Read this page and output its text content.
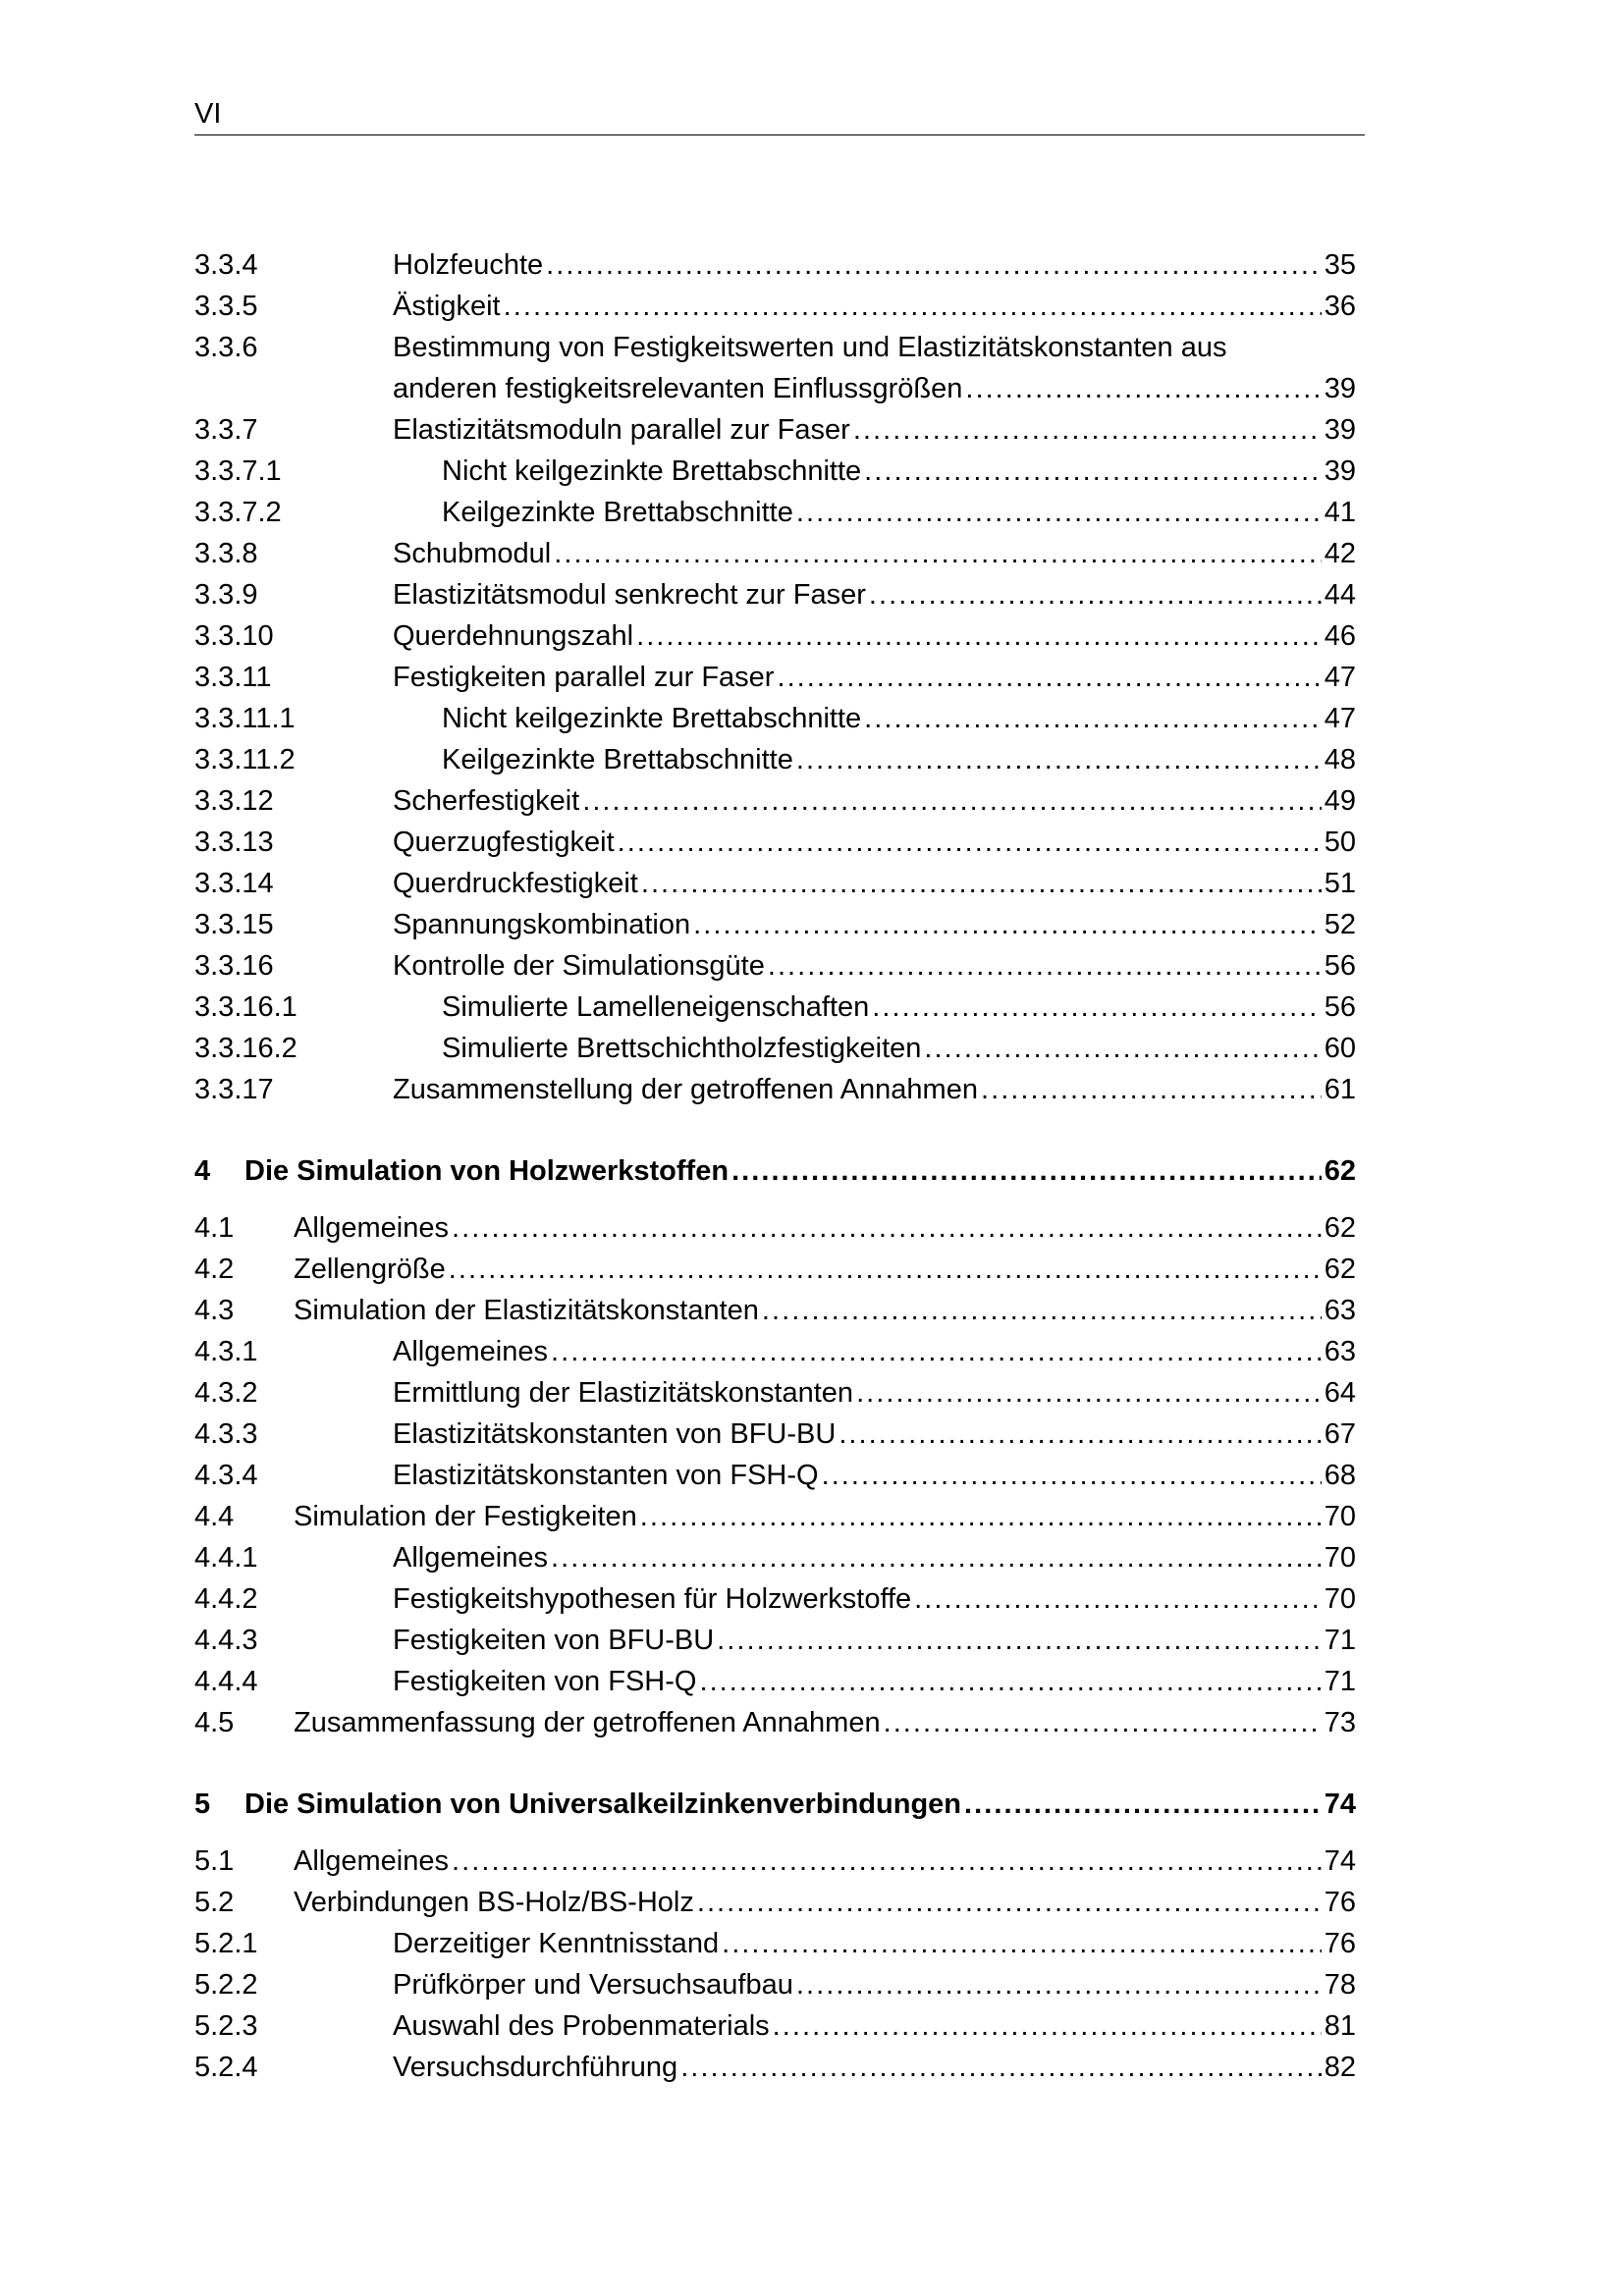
VI
3.3.4	Holzfeuchte . . .	35
3.3.5	Ästigkeit . . .	36
3.3.6	Bestimmung von Festigkeitswerten und Elastizitätskonstanten aus
anderen festigkeitsrelevanten Einflussgrößen . . .	39
3.3.7	Elastizitätsmoduln parallel zur Faser . . .	39
3.3.7.1	Nicht keilgezinkte Brettabschnitte . . .	39
3.3.7.2	Keilgezinkte Brettabschnitte . . .	41
3.3.8	Schubmodul . . .	42
3.3.9	Elastizitätsmodul senkrecht zur Faser . . .	44
3.3.10	Querdehnungszahl . . .	46
3.3.11	Festigkeiten parallel zur Faser . . .	47
3.3.11.1	Nicht keilgezinkte Brettabschnitte . . .	47
3.3.11.2	Keilgezinkte Brettabschnitte . . .	48
3.3.12	Scherfestigkeit . . .	49
3.3.13	Querzugfestigkeit . . .	50
3.3.14	Querdruckfestigkeit . . .	51
3.3.15	Spannungskombination . . .	52
3.3.16	Kontrolle der Simulationsgüte . . .	56
3.3.16.1	Simulierte Lamelleneigenschaften . . .	56
3.3.16.2	Simulierte Brettschichtholzfestigkeiten . . .	60
3.3.17	Zusammenstellung der getroffenen Annahmen . . .	61
4 Die Simulation von Holzwerkstoffen . . .	62
4.1 Allgemeines . . .	62
4.2 Zellengröße . . .	62
4.3 Simulation der Elastizitätskonstanten . . .	63
4.3.1	Allgemeines . . .	63
4.3.2	Ermittlung der Elastizitätskonstanten . . .	64
4.3.3	Elastizitätskonstanten von BFU-BU . . .	67
4.3.4	Elastizitätskonstanten von FSH-Q . . .	68
4.4 Simulation der Festigkeiten . . .	70
4.4.1	Allgemeines . . .	70
4.4.2	Festigkeitshypothesen für Holzwerkstoffe . . .	70
4.4.3	Festigkeiten von BFU-BU . . .	71
4.4.4	Festigkeiten von FSH-Q . . .	71
4.5 Zusammenfassung der getroffenen Annahmen . . .	73
5 Die Simulation von Universalkeilzinkenverbindungen . . .	74
5.1 Allgemeines . . .	74
5.2 Verbindungen BS-Holz/BS-Holz . . .	76
5.2.1	Derzeitiger Kenntnisstand . . .	76
5.2.2	Prüfkörper und Versuchsaufbau . . .	78
5.2.3	Auswahl des Probenmaterials . . .	81
5.2.4	Versuchsdurchführung . . .	82
